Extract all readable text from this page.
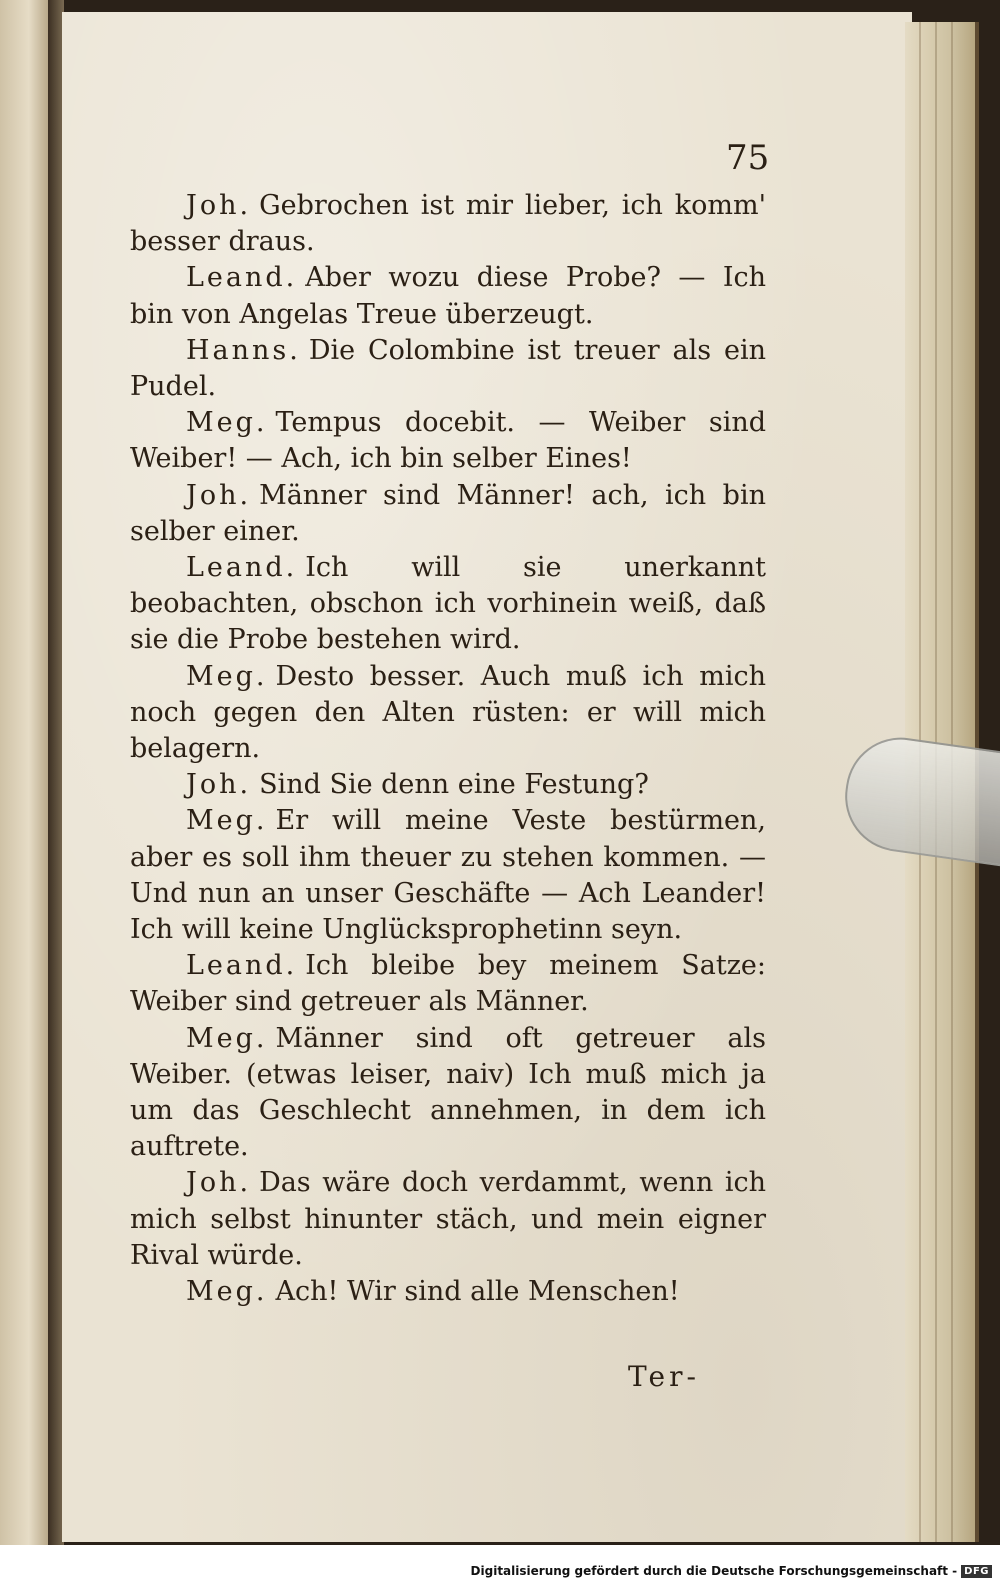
75

Joh. Gebrochen ist mir lieber, ich komm' besser draus.

Leand. Aber wozu diese Probe? — Ich bin von Angelas Treue überzeugt.

Hanns. Die Colombine ist treuer als ein Pudel.

Meg. Tempus docebit. — Weiber sind Weiber! — Ach, ich bin selber Eines!

Joh. Männer sind Männer! ach, ich bin selber einer.

Leand. Ich will sie unerkannt beobachten, obschon ich vorhinein weiß, daß sie die Probe bestehen wird.

Meg. Desto besser. Auch muß ich mich noch gegen den Alten rüsten: er will mich belagern.

Joh. Sind Sie denn eine Festung?

Meg. Er will meine Veste bestürmen, aber es soll ihm theuer zu stehen kommen. — Und nun an unser Geschäfte — Ach Leander! Ich will keine Unglücksprophetinn seyn.

Leand. Ich bleibe bey meinem Satze: Weiber sind getreuer als Männer.

Meg. Männer sind oft getreuer als Weiber. (etwas leiser, naiv) Ich muß mich ja um das Geschlecht annehmen, in dem ich auftrete.

Joh. Das wäre doch verdammt, wenn ich mich selbst hinunter stäch, und mein eigner Rival würde.

Meg. Ach! Wir sind alle Menschen!

Ter-
Digitalisierung gefördert durch die Deutsche Forschungsgemeinschaft - DFG
